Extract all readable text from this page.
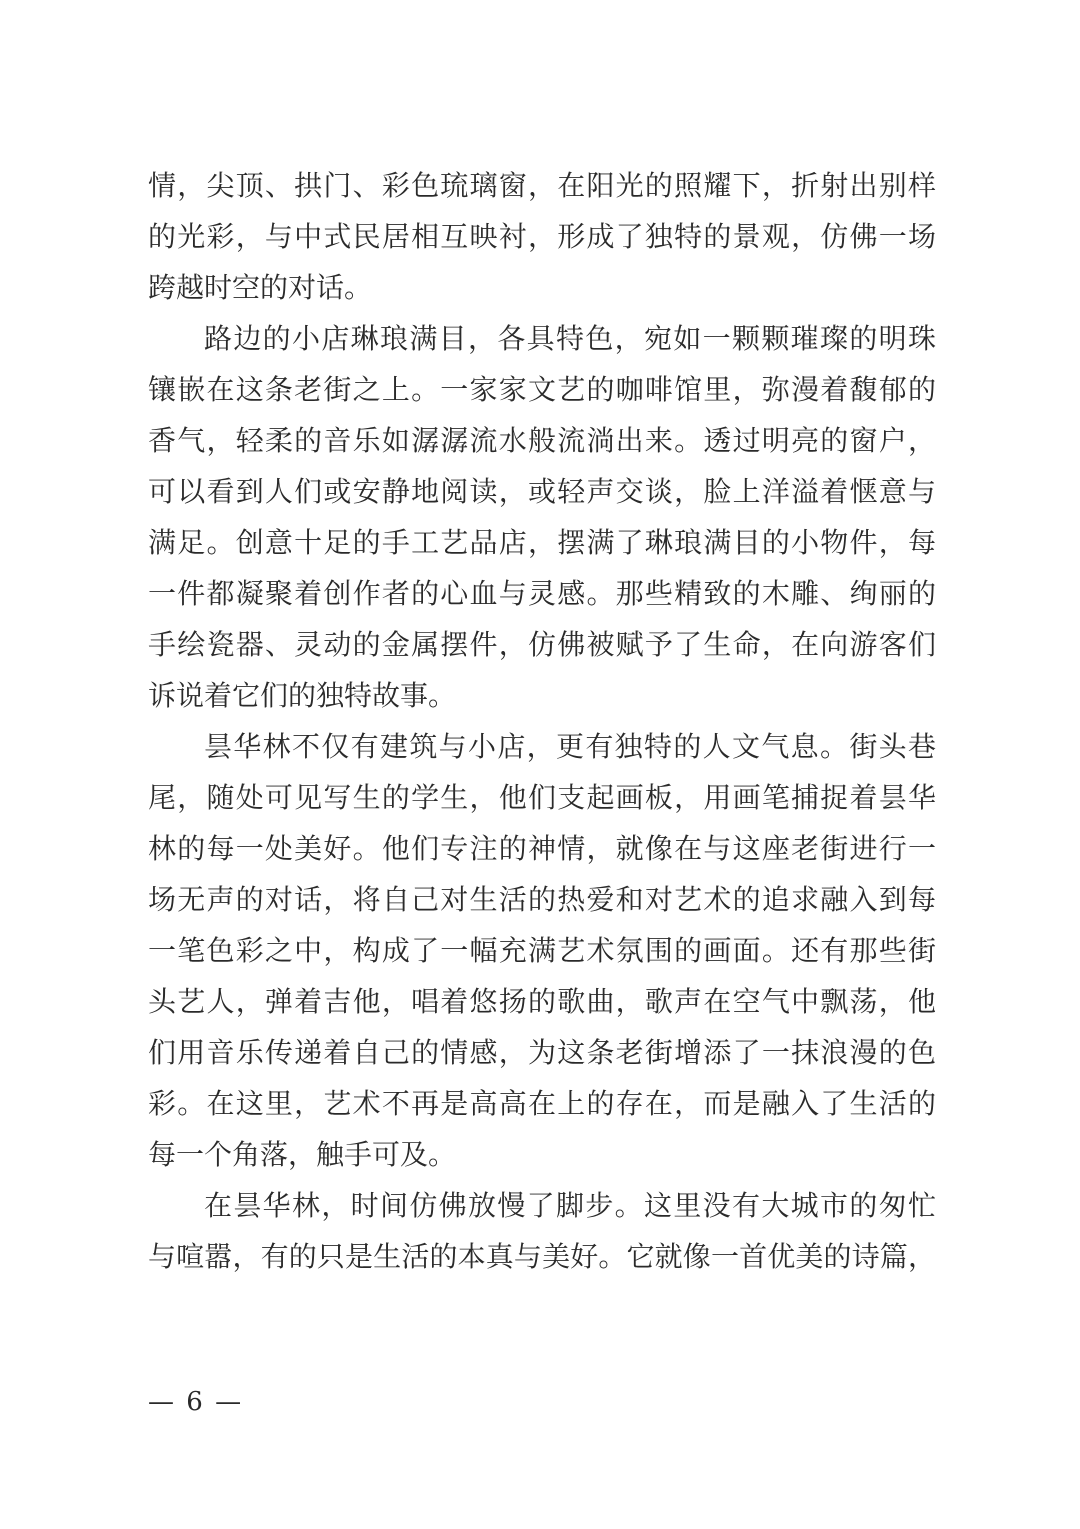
情，尖顶、拱门、彩色琉璃窗，在阳光的照耀下，折射出别样
的光彩，与中式民居相互映衬，形成了独特的景观，仿佛一场
跨越时空的对话。
路边的小店琳琅满目，各具特色，宛如一颗颗璀璨的明珠
镶嵌在这条老街之上。一家家文艺的咖啡馆里，弥漫着馥郁的
香气，轻柔的音乐如潺潺流水般流淌出来。透过明亮的窗户，
可以看到人们或安静地阅读，或轻声交谈，脸上洋溢着惬意与
满足。创意十足的手工艺品店，摆满了琳琅满目的小物件，每
一件都凝聚着创作者的心血与灵感。那些精致的木雕、绚丽的
手绘瓷器、灵动的金属摆件，仿佛被赋予了生命，在向游客们
诉说着它们的独特故事。
昙华林不仅有建筑与小店，更有独特的人文气息。街头巷
尾，随处可见写生的学生，他们支起画板，用画笔捕捉着昙华
林的每一处美好。他们专注的神情，就像在与这座老街进行一
场无声的对话，将自己对生活的热爱和对艺术的追求融入到每
一笔色彩之中，构成了一幅充满艺术氛围的画面。还有那些街
头艺人，弹着吉他，唱着悠扬的歌曲，歌声在空气中飘荡，他
们用音乐传递着自己的情感，为这条老街增添了一抹浪漫的色
彩。在这里，艺术不再是高高在上的存在，而是融入了生活的
每一个角落，触手可及。
在昙华林，时间仿佛放慢了脚步。这里没有大城市的匆忙
与喧嚣，有的只是生活的本真与美好。它就像一首优美的诗篇，
— 6 —
